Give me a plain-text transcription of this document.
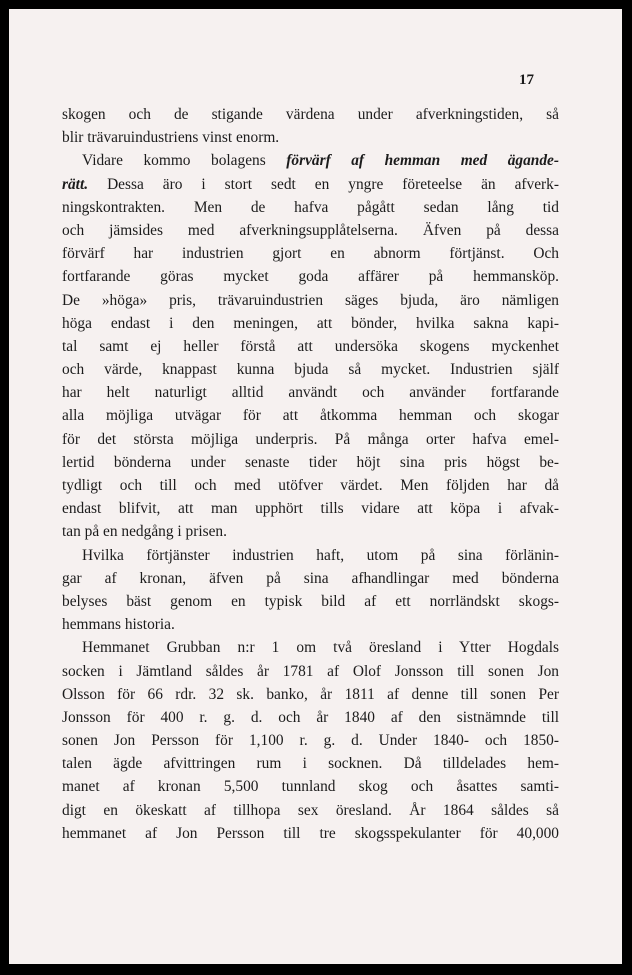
17
skogen och de stigande värdena under afverkningstiden, så
blir trävaruindustriens vinst enorm.
Vidare kommo bolagens förvärf af hemman med ägande-
rätt. Dessa äro i stort sedt en yngre företeelse än afverk-
ningskontrakten. Men de hafva pågått sedan lång tid
och jämsides med afverkningsupplåtelserna. Äfven på dessa
förvärf har industrien gjort en abnorm förtjänst. Och
fortfarande göras mycket goda affärer på hemmansköp.
De »höga» pris, trävaruindustrien säges bjuda, äro nämligen
höga endast i den meningen, att bönder, hvilka sakna kapi-
tal samt ej heller förstå att undersöka skogens myckenhet
och värde, knappast kunna bjuda så mycket. Industrien själf
har helt naturligt alltid användt och använder fortfarande
alla möjliga utvägar för att åtkomma hemman och skogar
för det största möjliga underpris. På många orter hafva emel-
lertid bönderna under senaste tider höjt sina pris högst be-
tydligt och till och med utöfver värdet. Men följden har då
endast blifvit, att man upphört tills vidare att köpa i afvak-
tan på en nedgång i prisen.
Hvilka förtjänster industrien haft, utom på sina förlänin-
gar af kronan, äfven på sina afhandlingar med bönderna
belyses bäst genom en typisk bild af ett norrländskt skogs-
hemmans historia.
Hemmanet Grubban n:r 1 om två öresland i Ytter Hogdals
socken i Jämtland såldes år 1781 af Olof Jonsson till sonen Jon
Olsson för 66 rdr. 32 sk. banko, år 1811 af denne till sonen Per
Jonsson för 400 r. g. d. och år 1840 af den sistnämnde till
sonen Jon Persson för 1,100 r. g. d. Under 1840- och 1850-
talen ägde afvittringen rum i socknen. Då tilldelades hem-
manet af kronan 5,500 tunnland skog och åsattes samti-
digt en ökeskatt af tillhopa sex öresland. År 1864 såldes så
hemmanet af Jon Persson till tre skogsspekulanter för 40,000
